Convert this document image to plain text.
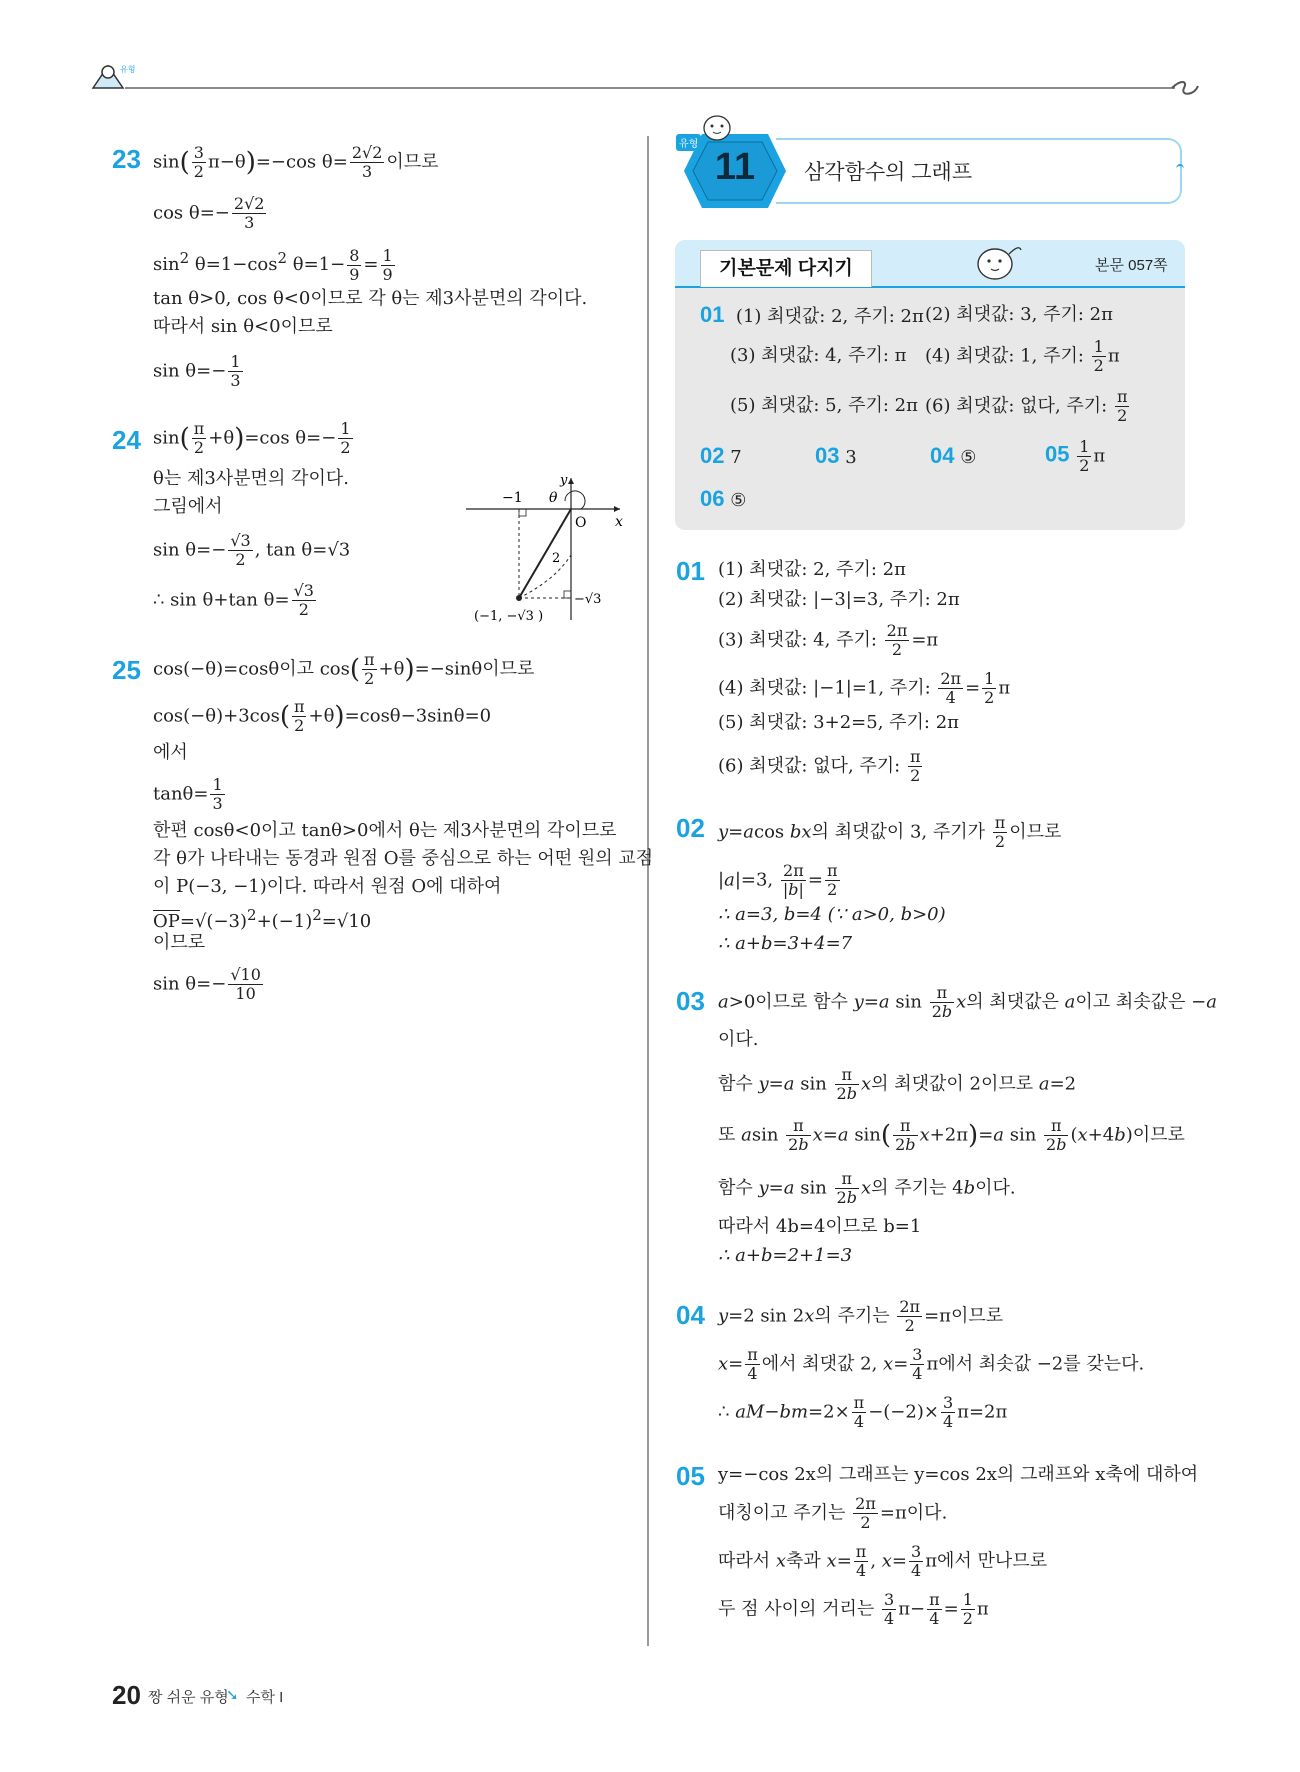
유형
23 $\sin( \frac{3}{2} \pi-\theta)=-\cos$ $\theta= \frac{2√2}{3}$ 이므로
$\cos \theta=- \frac{2√2}{3}$
$\sin^2 \theta=1-\cos^2$ $\theta=1- \frac{8}{9} = \frac{1}{9}$
tan θ>0, cos θ<0이므로 각 θ는 제3사분면의 각이다.
따라서 sin θ<0이므로
$\sin \theta=- \frac{1}{3}$
24 $\sin( \frac{\pi}{2} +\theta)=\cos$ $\theta=- \frac{1}{2}$
θ는 제3사분면의 각이다.
그림에서
$\sin \theta=- \frac{√3}{2}$ , tan θ=√3
∴ sin θ+tan $\theta= \frac{√3}{2}$
−1 θ
y
x
O
2
−√3
(−1, −√3 )
25 cos(−θ)=cosθ이고 $\cos( \frac{\pi}{2} +\theta)=-\sin\theta$이므로
$\cos(-\theta)+3\cos( \frac{\pi}{2} +\theta)=\cos\theta-3\sin\theta=0$
에서
$\tan\theta= \frac{1}{3}$
한편 cosθ<0이고 tanθ>0에서 θ는 제3사분면의 각이므로
각 θ가 나타내는 동경과 원점 O를 중심으로 하는 어떤 원의 교점
이 P(−3, −1)이다. 따라서 원점 O에 대하여
$\overline{OP}=√(-3)^2+(-1)^2=√10$
이므로
$\sin \theta=- \frac{√10}{10}$
11
유형
삼각함수의 그래프
기본문제 다지기	본문 057쪽
01  (1) 최댓값: 2, 주기: 2π (2) 최댓값: 3, 주기: 2π
(3) 최댓값: 4, 주기: π (4) 최댓값: 1, 주기: $\frac{1}{2}$ π
(5) 최댓값: 5, 주기: 2π (6) 최댓값: 없다, 주기: $\frac{\pi}{2}$
02 7	03 3	04 ⑤	$05 \frac{1}{2}$ π
06 ⑤
01 (1) 최댓값: 2, 주기: 2π
(2) 최댓값: |−3|=3, 주기: 2π
(3) 최댓값: 4, 주기: $\frac{2\pi}{2} =\pi$
(4) 최댓값: |−1|=1, 주기: $\frac{2\pi}{4} = \frac{1}{2}$ π
(5) 최댓값: 3+2=5, 주기: 2π
(6) 최댓값: 없다, 주기: $\frac{\pi}{2}$
02 y=acos bx의 최댓값이 3, 주기가 $\frac{\pi}{2}$ 이므로
|a|=3, $\frac{2\pi}{|b|} = \frac{\pi}{2}$
∴ a=3, b=4 (∵ a>0, b>0)
∴ a+b=3+4=7
03 a>0이므로 함수 y=a $\sin \frac{\pi}{2b}$ x의 최댓값은 a이고 최솟값은 −a
이다.
함수 y=a $\sin \frac{\pi}{2b}$ x의 최댓값이 2이므로 a=2
또 asin $\frac{\pi}{2b} x=a$ $\sin( \frac{\pi}{2b} x+2\pi)=a$ $\sin \frac{\pi}{2b} (x+4b)$이므로
함수 y=a $\sin \frac{\pi}{2b}$ x의 주기는 4b이다.
따라서 4b=4이므로 b=1
∴ a+b=2+1=3
04 y=2 sin 2x의 주기는 $\frac{2\pi}{2} =\pi$이므로
$x= \frac{\pi}{4}$ 에서 최댓값 2, $x= \frac{3}{4}$ π에서 최솟값 −2를 갖는다.
∴ $aM-bm=2\times \frac{\pi}{4} -(-2)\times \frac{3}{4} \pi=2\pi$
05 y=−cos 2x의 그래프는 y=cos 2x의 그래프와 x축에 대하여
대칭이고 주기는 $\frac{2\pi}{2} =\pi$이다.
따라서 x축과 $x= \frac{\pi}{4}$ , $x= \frac{3}{4}$ π에서 만나므로
두 점 사이의 거리는 $\frac{3}{4} \pi- \frac{\pi}{4} = \frac{1}{2}$ π
20 짱 쉬운 유형
➘ 수학 I
